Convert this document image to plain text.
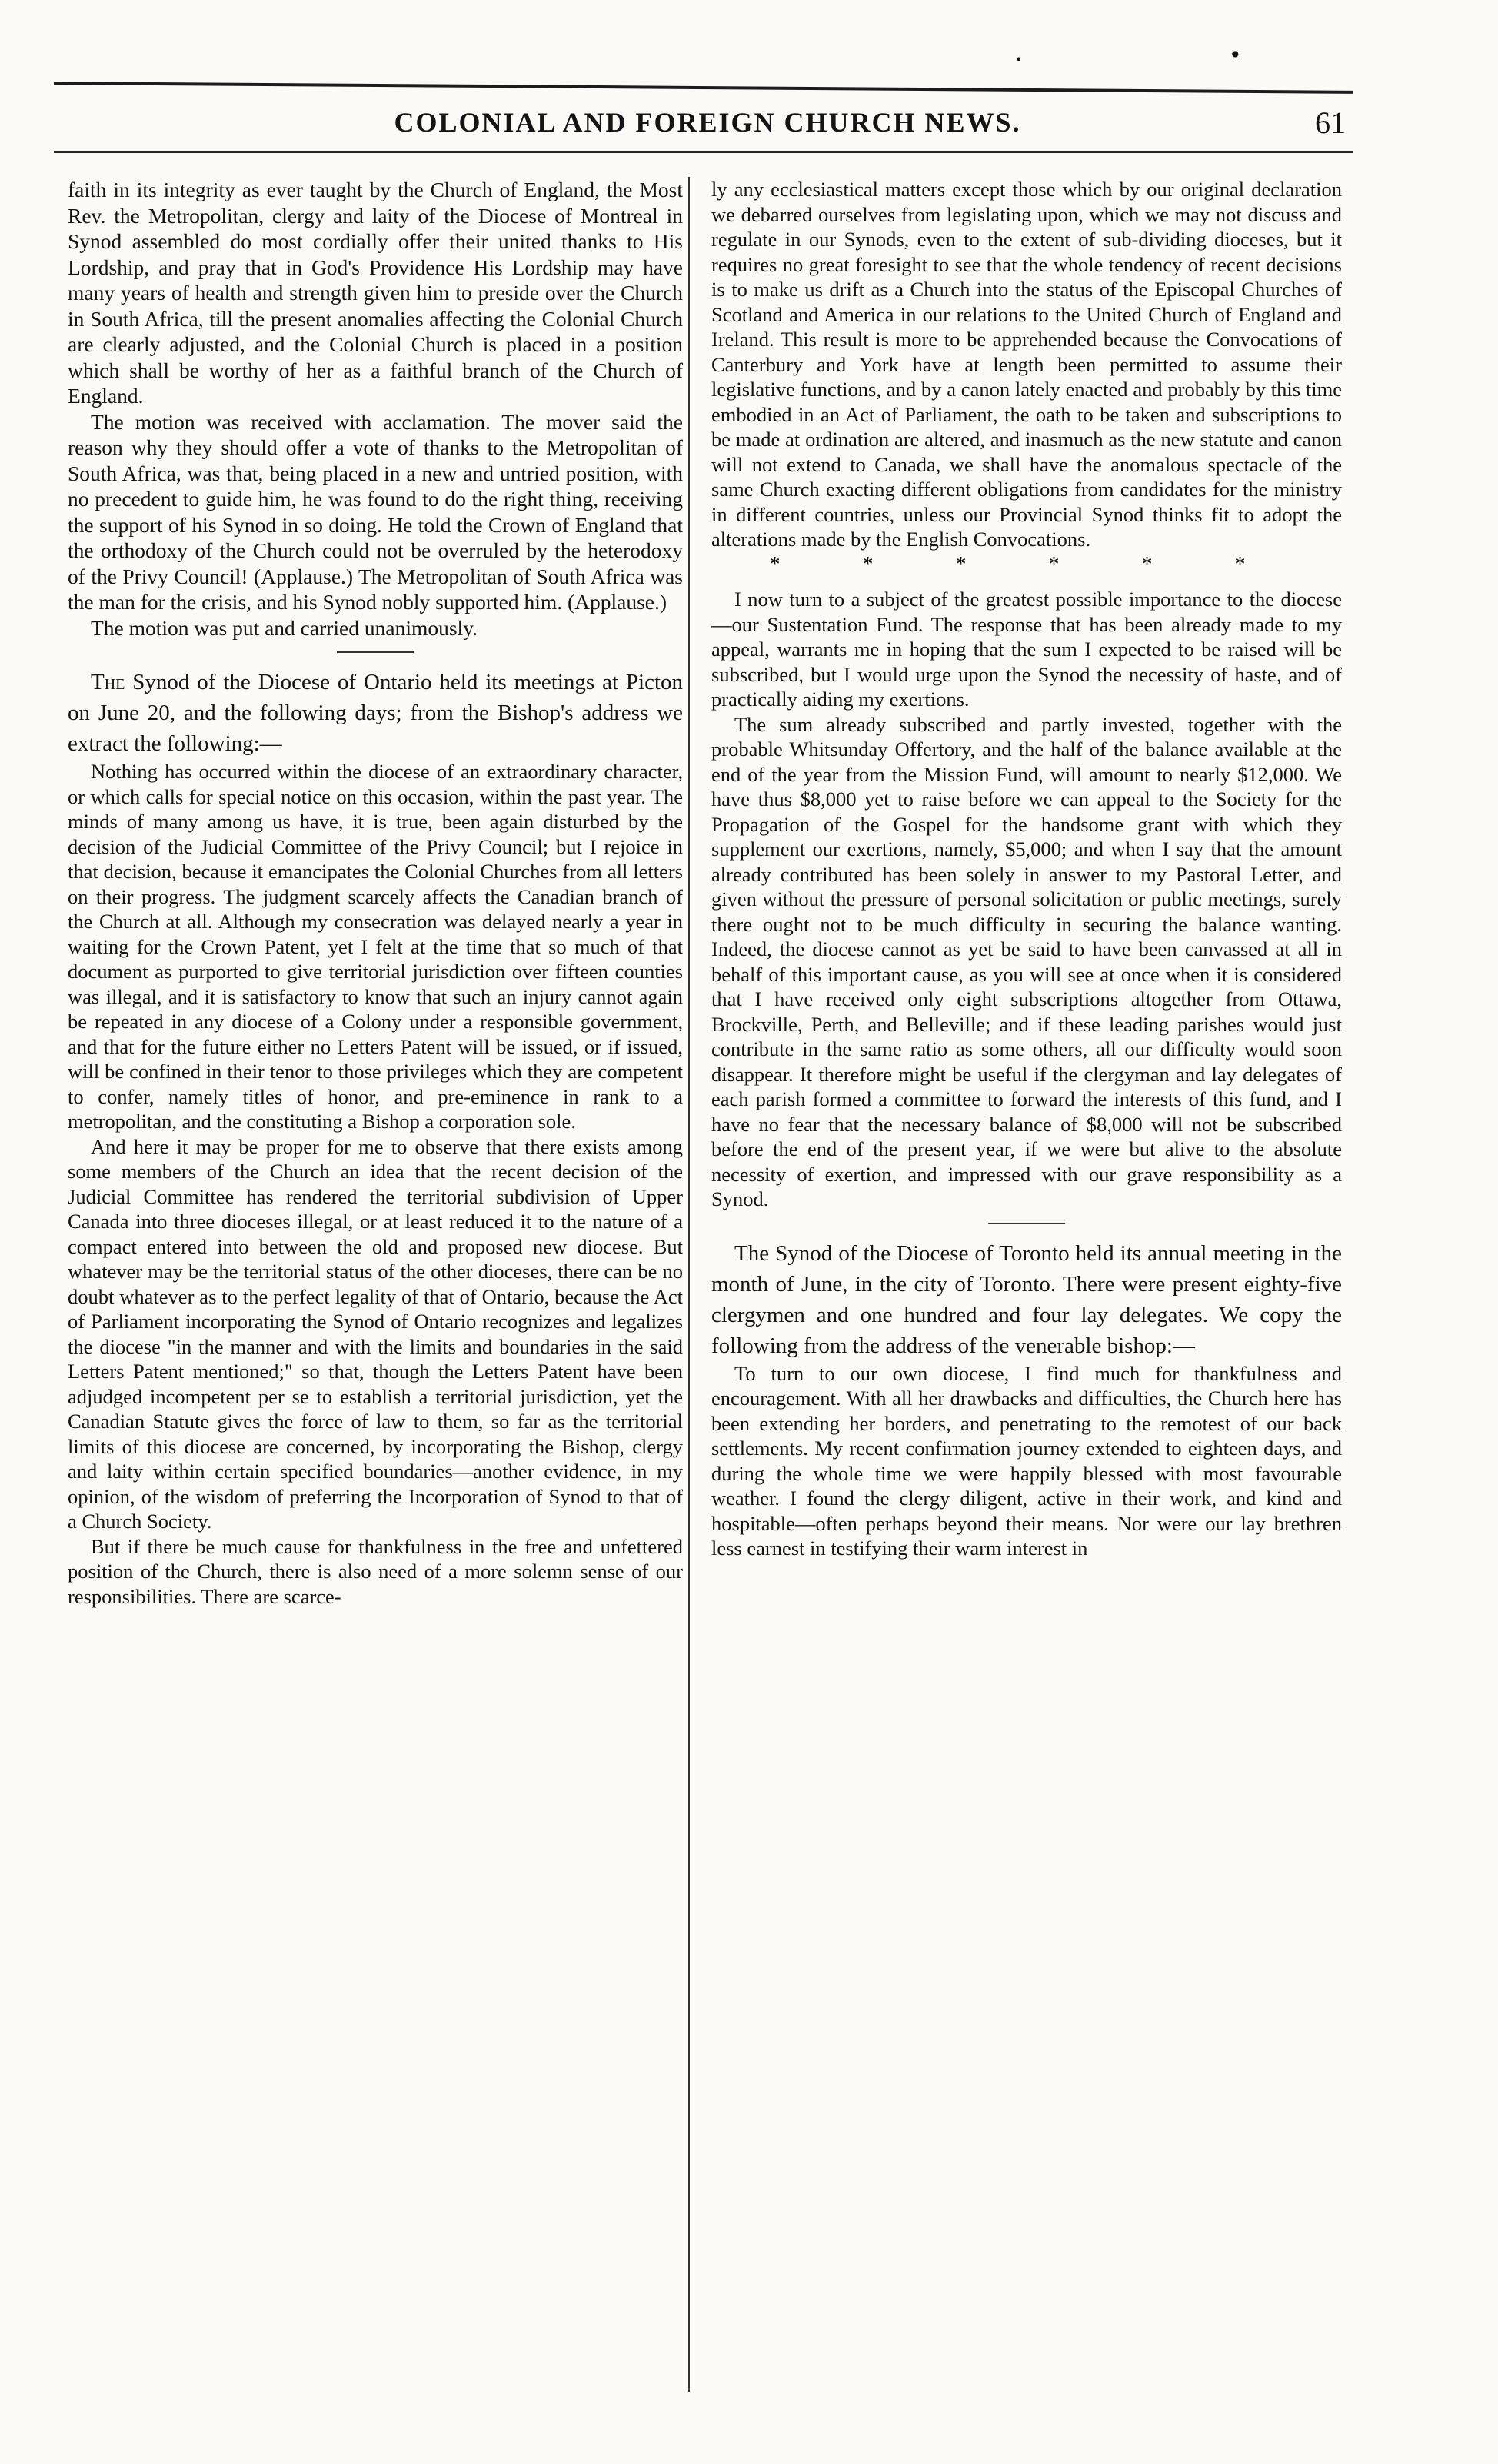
•
•
COLONIAL AND FOREIGN CHURCH NEWS.	61

faith in its integrity as ever taught by the Church of England, the Most Rev. the Metropolitan, clergy and laity of the Diocese of Montreal in Synod assembled do most cordially offer their united thanks to His Lordship, and pray that in God's Providence His Lordship may have many years of health and strength given him to preside over the Church in South Africa, till the present anomalies affecting the Colonial Church are clearly adjusted, and the Colonial Church is placed in a position which shall be worthy of her as a faithful branch of the Church of England.

The motion was received with acclamation. The mover said the reason why they should offer a vote of thanks to the Metropolitan of South Africa, was that, being placed in a new and untried position, with no precedent to guide him, he was found to do the right thing, receiving the support of his Synod in so doing. He told the Crown of England that the orthodoxy of the Church could not be overruled by the heterodoxy of the Privy Council! (Applause.) The Metropolitan of South Africa was the man for the crisis, and his Synod nobly supported him. (Applause.)

The motion was put and carried unanimously.

The Synod of the Diocese of Ontario held its meetings at Picton on June 20, and the following days; from the Bishop's address we extract the following:—

Nothing has occurred within the diocese of an extraordinary character, or which calls for special notice on this occasion, within the past year. The minds of many among us have, it is true, been again disturbed by the decision of the Judicial Committee of the Privy Council; but I rejoice in that decision, because it emancipates the Colonial Churches from all letters on their progress. The judgment scarcely affects the Canadian branch of the Church at all. Although my consecration was delayed nearly a year in waiting for the Crown Patent, yet I felt at the time that so much of that document as purported to give territorial jurisdiction over fifteen counties was illegal, and it is satisfactory to know that such an injury cannot again be repeated in any diocese of a Colony under a responsible government, and that for the future either no Letters Patent will be issued, or if issued, will be confined in their tenor to those privileges which they are competent to confer, namely titles of honor, and pre-eminence in rank to a metropolitan, and the constituting a Bishop a corporation sole.

And here it may be proper for me to observe that there exists among some members of the Church an idea that the recent decision of the Judicial Committee has rendered the territorial subdivision of Upper Canada into three dioceses illegal, or at least reduced it to the nature of a compact entered into between the old and proposed new diocese. But whatever may be the territorial status of the other dioceses, there can be no doubt whatever as to the perfect legality of that of Ontario, because the Act of Parliament incorporating the Synod of Ontario recognizes and legalizes the diocese "in the manner and with the limits and boundaries in the said Letters Patent mentioned;" so that, though the Letters Patent have been adjudged incompetent per se to establish a territorial jurisdiction, yet the Canadian Statute gives the force of law to them, so far as the territorial limits of this diocese are concerned, by incorporating the Bishop, clergy and laity within certain specified boundaries—another evidence, in my opinion, of the wisdom of preferring the Incorporation of Synod to that of a Church Society.

But if there be much cause for thankfulness in the free and unfettered position of the Church, there is also need of a more solemn sense of our responsibilities. There are scarce-

ly any ecclesiastical matters except those which by our original declaration we debarred ourselves from legislating upon, which we may not discuss and regulate in our Synods, even to the extent of sub-dividing dioceses, but it requires no great foresight to see that the whole tendency of recent decisions is to make us drift as a Church into the status of the Episcopal Churches of Scotland and America in our relations to the United Church of England and Ireland. This result is more to be apprehended because the Convocations of Canterbury and York have at length been permitted to assume their legislative functions, and by a canon lately enacted and probably by this time embodied in an Act of Parliament, the oath to be taken and subscriptions to be made at ordination are altered, and inasmuch as the new statute and canon will not extend to Canada, we shall have the anomalous spectacle of the same Church exacting different obligations from candidates for the ministry in different countries, unless our Provincial Synod thinks fit to adopt the alterations made by the English Convocations.

* * * * * *

I now turn to a subject of the greatest possible importance to the diocese—our Sustentation Fund. The response that has been already made to my appeal, warrants me in hoping that the sum I expected to be raised will be subscribed, but I would urge upon the Synod the necessity of haste, and of practically aiding my exertions.

The sum already subscribed and partly invested, together with the probable Whitsunday Offertory, and the half of the balance available at the end of the year from the Mission Fund, will amount to nearly $12,000. We have thus $8,000 yet to raise before we can appeal to the Society for the Propagation of the Gospel for the handsome grant with which they supplement our exertions, namely, $5,000; and when I say that the amount already contributed has been solely in answer to my Pastoral Letter, and given without the pressure of personal solicitation or public meetings, surely there ought not to be much difficulty in securing the balance wanting. Indeed, the diocese cannot as yet be said to have been canvassed at all in behalf of this important cause, as you will see at once when it is considered that I have received only eight subscriptions altogether from Ottawa, Brockville, Perth, and Belleville; and if these leading parishes would just contribute in the same ratio as some others, all our difficulty would soon disappear. It therefore might be useful if the clergyman and lay delegates of each parish formed a committee to forward the interests of this fund, and I have no fear that the necessary balance of $8,000 will not be subscribed before the end of the present year, if we were but alive to the absolute necessity of exertion, and impressed with our grave responsibility as a Synod.

The Synod of the Diocese of Toronto held its annual meeting in the month of June, in the city of Toronto. There were present eighty-five clergymen and one hundred and four lay delegates. We copy the following from the address of the venerable bishop:—

To turn to our own diocese, I find much for thankfulness and encouragement. With all her drawbacks and difficulties, the Church here has been extending her borders, and penetrating to the remotest of our back settlements. My recent confirmation journey extended to eighteen days, and during the whole time we were happily blessed with most favourable weather. I found the clergy diligent, active in their work, and kind and hospitable—often perhaps beyond their means. Nor were our lay brethren less earnest in testifying their warm interest in
